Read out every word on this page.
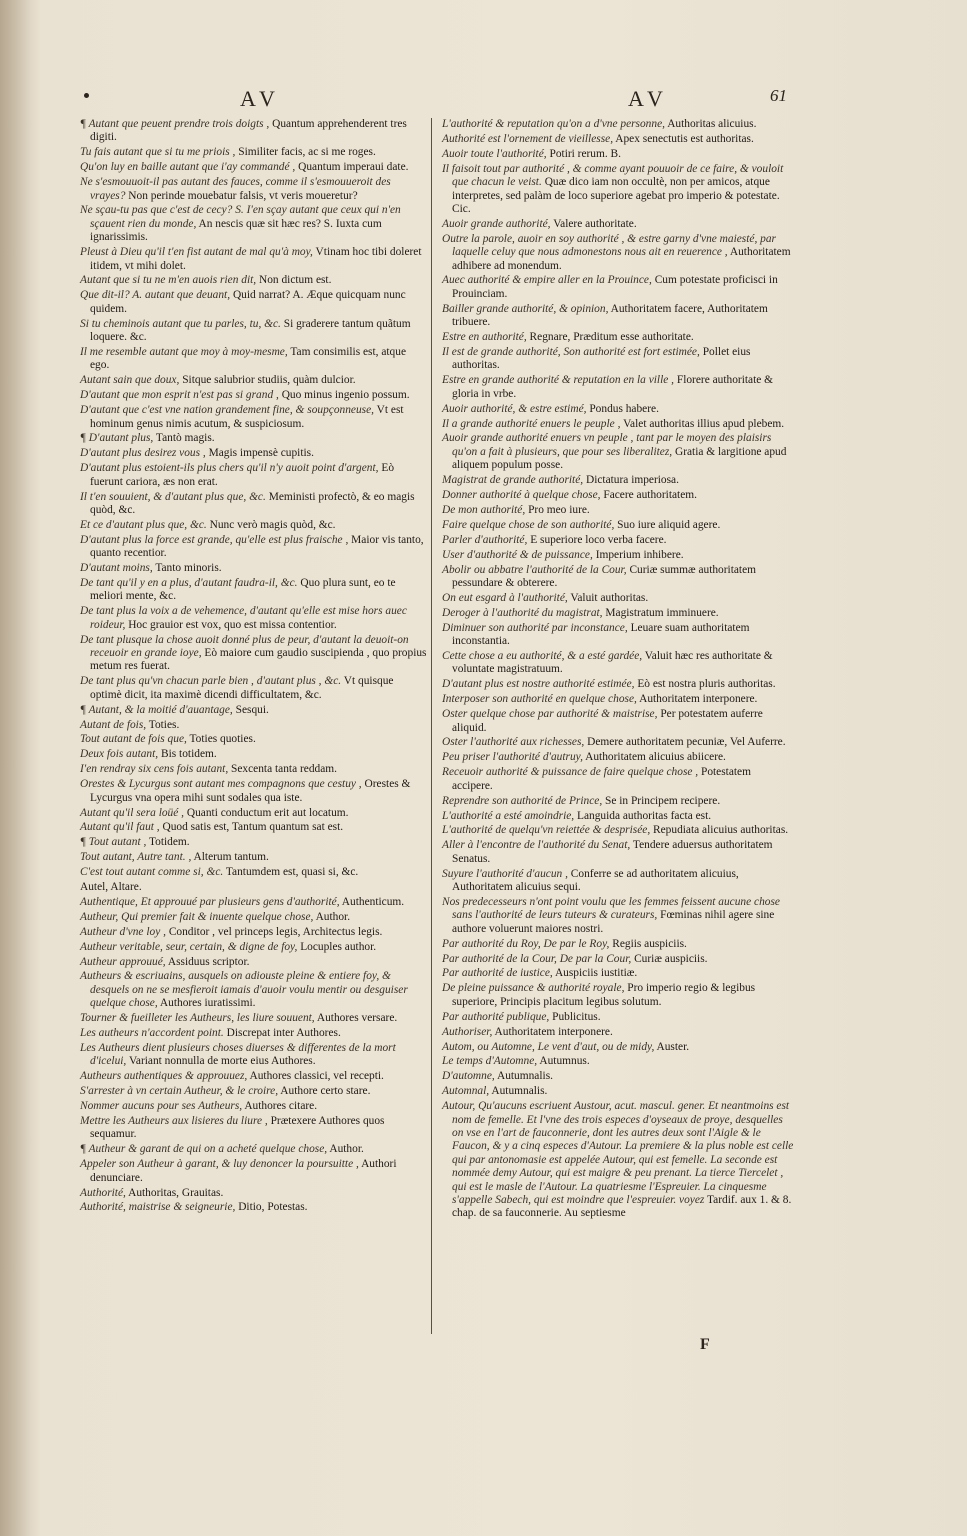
AV	AV	61
¶ Autant que peuent prendre trois doigts , Quantum apprehenderent tres digiti.
Tu fais autant que si tu me priois , Similiter facis, ac si me roges.
Qu'on luy en baille autant que i'ay commandé , Quantum imperaui date.
Ne s'esmouuoit-il pas autant des fauces, comme il s'esmouueroit des vrayes? Non perinde mouebatur falsis, vt veris moueretur?
Ne sçau-tu pas que c'est de cecy? S. I'en sçay autant que ceux qui n'en sçauent rien du monde, An nescis quæ sit hæc res? S. Iuxta cum ignarissimis.
Pleust à Dieu qu'il t'en fist autant de mal qu'à moy, Vtinam hoc tibi doleret itidem, vt mihi dolet.
Autant que si tu ne m'en auois rien dit, Non dictum est.
Que dit-il? A. autant que deuant, Quid narrat? A. Æque quicquam nunc quidem.
Si tu cheminois autant que tu parles, tu, &c. Si graderere tantum quãtum loquere. &c.
Il me resemble autant que moy à moy-mesme, Tam consimilis est, atque ego.
Autant sain que doux, Sitque salubrior studiis, quàm dulcior.
D'autant que mon esprit n'est pas si grand , Quo minus ingenio possum.
D'autant que c'est vne nation grandement fine, & soupçonneuse, Vt est hominum genus nimis acutum, & suspiciosum.
¶ D'autant plus, Tantò magis.
D'autant plus desirez vous , Magis impensè cupitis.
D'autant plus estoient-ils plus chers qu'il n'y auoit point d'argent, Eò fuerunt cariora, æs non erat.
Il t'en souuient, & d'autant plus que, &c. Meministi profectò, & eo magis quòd, &c.
Et ce d'autant plus que, &c. Nunc verò magis quòd, &c.
D'autant plus la force est grande, qu'elle est plus fraische , Maior vis tanto, quanto recentior.
D'autant moins, Tanto minoris.
De tant qu'il y en a plus, d'autant faudra-il, &c. Quo plura sunt, eo te meliori mente, &c.
De tant plus la voix a de vehemence, d'autant qu'elle est mise hors auec roideur, Hoc grauior est vox, quo est missa contentior.
De tant plusque la chose auoit donné plus de peur, d'autant la deuoit-on receuoir en grande ioye, Eò maiore cum gaudio suscipienda , quo propius metum res fuerat.
De tant plus qu'vn chacun parle bien , d'autant plus , &c. Vt quisque optimè dicit, ita maximè dicendi difficultatem, &c.
¶ Autant, & la moitié d'auantage, Sesqui.
Autant de fois, Toties.
Tout autant de fois que, Toties quoties.
Deux fois autant, Bis totidem.
I'en rendray six cens fois autant, Sexcenta tanta reddam.
Orestes & Lycurgus sont autant mes compagnons que cestuy , Orestes & Lycurgus vna opera mihi sunt sodales qua iste.
Autant qu'il sera loüé , Quanti conductum erit aut locatum.
Autant qu'il faut , Quod satis est, Tantum quantum sat est.
¶ Tout autant , Totidem.
Tout autant, Autre tant. , Alterum tantum.
C'est tout autant comme si, &c. Tantumdem est, quasi si, &c.
Autel, Altare.
Authentique, Et approuué par plusieurs gens d'authorité, Authenticum.
Autheur, Qui premier fait & inuente quelque chose, Author.
Autheur d'vne loy , Conditor , vel princeps legis, Architectus legis.
Autheur veritable, seur, certain, & digne de foy, Locuples author.
Autheur approuué, Assiduus scriptor.
Autheurs & escriuains, ausquels on adiouste pleine & entiere foy, & desquels on ne se mesfieroit iamais d'auoir voulu mentir ou desguiser quelque chose, Authores iuratissimi.
Tourner & fueilleter les Autheurs, les liure souuent, Authores versare.
Les autheurs n'accordent point. Discrepat inter Authores.
Les Autheurs dient plusieurs choses diuerses & differentes de la mort d'icelui, Variant nonnulla de morte eius Authores.
Autheurs authentiques & approuuez, Authores classici, vel recepti.
S'arrester à vn certain Autheur, & le croire, Authore certo stare.
Nommer aucuns pour ses Autheurs, Authores citare.
Mettre les Autheurs aux lisieres du liure , Prætexere Authores quos sequamur.
¶ Autheur & garant de qui on a acheté quelque chose, Author.
Appeler son Autheur à garant, & luy denoncer la poursuitte , Authori denunciare.
Authorité, Authoritas, Grauitas.
Authorité, maistrise & seigneurie, Ditio, Potestas.
L'authorité & reputation qu'on a d'vne personne, Authoritas alicuius.
Authorité est l'ornement de vieillesse, Apex senectutis est authoritas.
Auoir toute l'authorité, Potiri rerum. B.
Il faisoit tout par authorité , & comme ayant pouuoir de ce faire, & vouloit que chacun le veist. Quæ dico iam non occultè, non per amicos, atque interpretes, sed palàm de loco superiore agebat pro imperio & potestate. Cic.
Auoir grande authorité, Valere authoritate.
Outre la parole, auoir en soy authorité , & estre garny d'vne maiesté, par laquelle celuy que nous admonestons nous ait en reuerence , Authoritatem adhibere ad monendum.
Auec authorité & empire aller en la Prouince, Cum potestate proficisci in Prouinciam.
Bailler grande authorité, & opinion, Authoritatem facere, Authoritatem tribuere.
Estre en authorité, Regnare, Præditum esse authoritate.
Il est de grande authorité, Son authorité est fort estimée, Pollet eius authoritas.
Estre en grande authorité & reputation en la ville , Florere authoritate & gloria in vrbe.
Auoir authorité, & estre estimé, Pondus habere.
Il a grande authorité enuers le peuple , Valet authoritas illius apud plebem.
Auoir grande authorité enuers vn peuple , tant par le moyen des plaisirs qu'on a fait à plusieurs, que pour ses liberalitez, Gratia & largitione apud aliquem populum posse.
Magistrat de grande authorité, Dictatura imperiosa.
Donner authorité à quelque chose, Facere authoritatem.
De mon authorité, Pro meo iure.
Faire quelque chose de son authorité, Suo iure aliquid agere.
Parler d'authorité, E superiore loco verba facere.
User d'authorité & de puissance, Imperium inhibere.
Abolir ou abbatre l'authorité de la Cour, Curiæ summæ authoritatem pessundare & obterere.
On eut esgard à l'authorité, Valuit authoritas.
Deroger à l'authorité du magistrat, Magistratum imminuere.
Diminuer son authorité par inconstance, Leuare suam authoritatem inconstantia.
Cette chose a eu authorité, & a esté gardée, Valuit hæc res authoritate & voluntate magistratuum.
D'autant plus est nostre authorité estimée, Eò est nostra pluris authoritas.
Interposer son authorité en quelque chose, Authoritatem interponere.
Oster quelque chose par authorité & maistrise, Per potestatem auferre aliquid.
Oster l'authorité aux richesses, Demere authoritatem pecuniæ, Vel Auferre.
Peu priser l'authorité d'autruy, Authoritatem alicuius abiicere.
Receuoir authorité & puissance de faire quelque chose , Potestatem accipere.
Reprendre son authorité de Prince, Se in Principem recipere.
L'authorité a esté amoindrie, Languida authoritas facta est.
L'authorité de quelqu'vn reiettée & desprisée, Repudiata alicuius authoritas.
Aller à l'encontre de l'authorité du Senat, Tendere aduersus authoritatem Senatus.
Suyure l'authorité d'aucun , Conferre se ad authoritatem alicuius, Authoritatem alicuius sequi.
Nos predecesseurs n'ont point voulu que les femmes feissent aucune chose sans l'authorité de leurs tuteurs & curateurs, Fœminas nihil agere sine authore voluerunt maiores nostri.
Par authorité du Roy, De par le Roy, Regiis auspiciis.
Par authorité de la Cour, De par la Cour, Curiæ auspiciis.
Par authorité de iustice, Auspiciis iustitiæ.
De pleine puissance & authorité royale, Pro imperio regio & legibus superiore, Principis placitum legibus solutum.
Par authorité publique, Publicitus.
Authoriser, Authoritatem interponere.
Autom, ou Automne, Le vent d'aut, ou de midy, Auster.
Le temps d'Automne, Autumnus.
D'automne, Autumnalis.
Automnal, Autumnalis.
Autour, Qu'aucuns escriuent Austour, acut. mascul. gener. Et neantmoins est nom de femelle. Et l'vne des trois especes d'oyseaux de proye, desquelles on vse en l'art de fauconnerie, dont les autres deux sont l'Aigle & le Faucon, & y a cinq especes d'Autour. La premiere & la plus noble est celle qui par antonomasie est appelée Autour, qui est femelle. La seconde est nommée demy Autour, qui est maigre & peu prenant. La tierce Tiercelet , qui est le masle de l'Autour. La quatriesme l'Espreuier. La cinquesme s'appelle Sabech, qui est moindre que l'espreuier. voyez Tardif. aux 1. & 8. chap. de sa fauconnerie. Au septiesme
F
